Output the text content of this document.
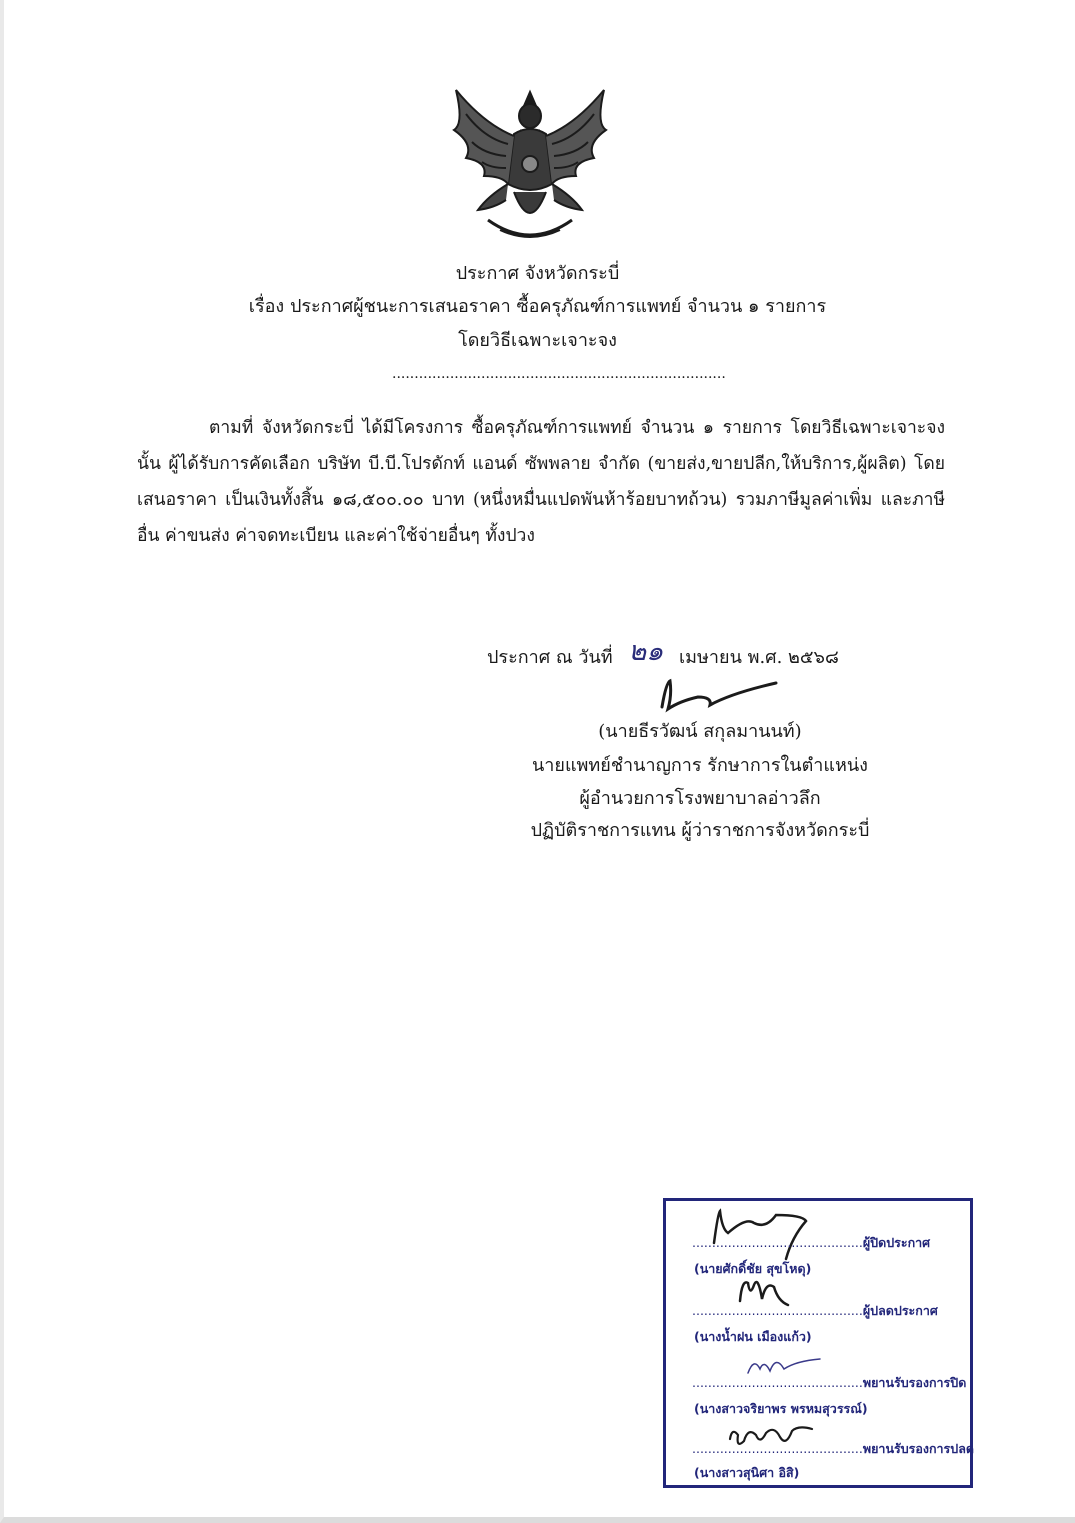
ประกาศ จังหวัดกระบี่
เรื่อง ประกาศผู้ชนะการเสนอราคา ซื้อครุภัณฑ์การแพทย์ จำนวน ๑ รายการ
โดยวิธีเฉพาะเจาะจง
...........................................................................
ตามที่ จังหวัดกระบี่ ได้มีโครงการ ซื้อครุภัณฑ์การแพทย์ จำนวน ๑ รายการ โดยวิธีเฉพาะเจาะจง นั้น ผู้ได้รับการคัดเลือก บริษัท บี.บี.โปรดักท์ แอนด์ ซัพพลาย จำกัด (ขายส่ง,ขายปลีก,ให้บริการ,ผู้ผลิต) โดยเสนอราคา เป็นเงินทั้งสิ้น ๑๘,๕๐๐.๐๐ บาท (หนึ่งหมื่นแปดพันห้าร้อยบาทถ้วน) รวมภาษีมูลค่าเพิ่ม และภาษีอื่น ค่าขนส่ง ค่าจดทะเบียน และค่าใช้จ่ายอื่นๆ ทั้งปวง
ประกาศ ณ วันที่ ๒๑ เมษายน พ.ศ. ๒๕๖๘
(นายธีรวัฒน์ สกุลมานนท์)
นายแพทย์ชำนาญการ รักษาการในตำแหน่ง
ผู้อำนวยการโรงพยาบาลอ่าวลึก
ปฏิบัติราชการแทน ผู้ว่าราชการจังหวัดกระบี่
...........................................ผู้ปิดประกาศ
(นายศักดิ์ชัย สุขโหดุ)
...........................................ผู้ปลดประกาศ
(นางน้ำฝน เมืองแก้ว)
...........................................พยานรับรองการปิด
(นางสาวจริยาพร พรหมสุวรรณ์)
...........................................พยานรับรองการปลด
(นางสาวสุนิศา อิสิ)
